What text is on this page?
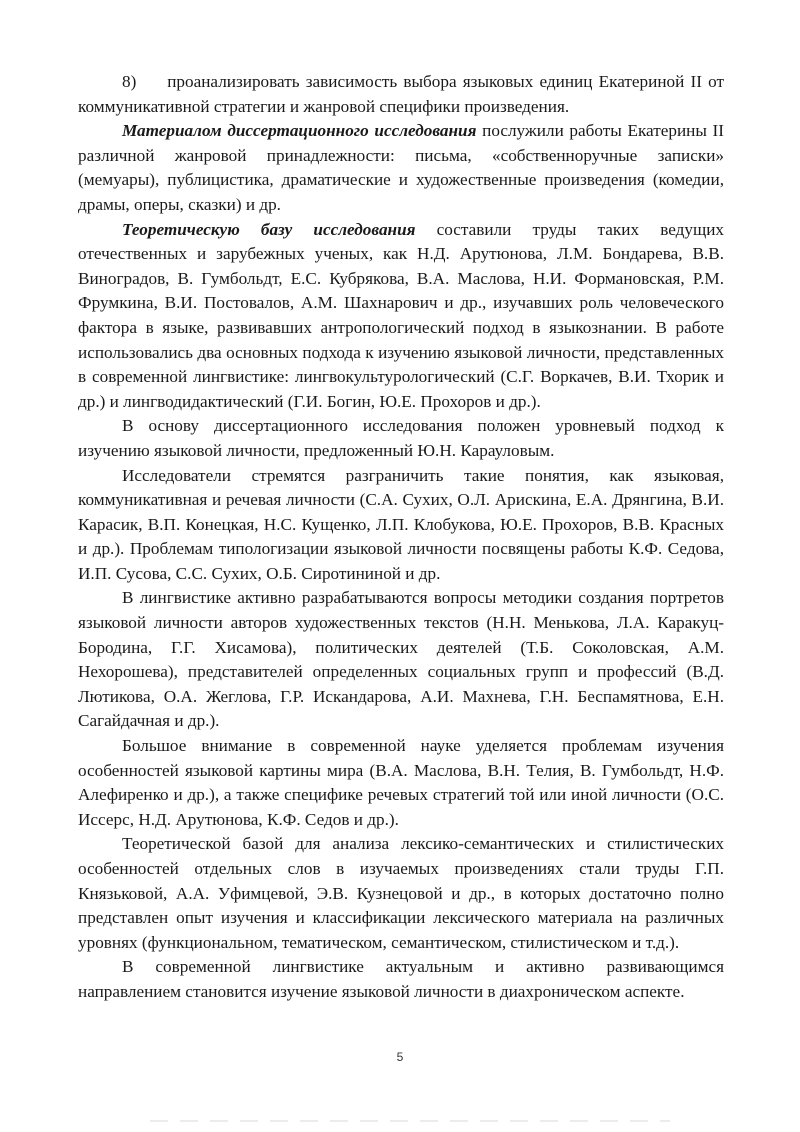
8)     проанализировать зависимость выбора языковых единиц Екатериной II от коммуникативной стратегии и жанровой специфики произведения.

Материалом диссертационного исследования послужили работы Екатерины II различной жанровой принадлежности: письма, «собственноручные записки» (мемуары), публицистика, драматические и художественные произведения (комедии, драмы, оперы, сказки) и др.

Теоретическую базу исследования составили труды таких ведущих отечественных и зарубежных ученых, как Н.Д. Арутюнова, Л.М. Бондарева, В.В. Виноградов, В. Гумбольдт, Е.С. Кубрякова, В.А. Маслова, Н.И. Формановская, Р.М. Фрумкина, В.И. Постовалов, А.М. Шахнарович и др., изучавших роль человеческого фактора в языке, развивавших антропологический подход в языкознании. В работе использовались два основных подхода к изучению языковой личности, представленных в современной лингвистике: лингвокультурологический (С.Г. Воркачев, В.И. Тхорик и др.) и лингводидактический (Г.И. Богин, Ю.Е. Прохоров и др.).

В основу диссертационного исследования положен уровневый подход к изучению языковой личности, предложенный Ю.Н. Карауловым.

Исследователи стремятся разграничить такие понятия, как языковая, коммуникативная и речевая личности (С.А. Сухих, О.Л. Арискина, Е.А. Дрянгина, В.И. Карасик, В.П. Конецкая, Н.С. Кущенко, Л.П. Клобукова, Ю.Е. Прохоров, В.В. Красных и др.). Проблемам типологизации языковой личности посвящены работы К.Ф. Седова, И.П. Сусова, С.С. Сухих, О.Б. Сиротининой и др.

В лингвистике активно разрабатываются вопросы методики создания портретов языковой личности авторов художественных текстов (Н.Н. Менькова, Л.А. Каракуц-Бородина, Г.Г. Хисамова), политических деятелей (Т.Б. Соколовская, А.М. Нехорошева), представителей определенных социальных групп и профессий (В.Д. Лютикова, О.А. Жеглова, Г.Р. Искандарова, А.И. Махнева, Г.Н. Беспамятнова, Е.Н. Сагайдачная и др.).

Большое внимание в современной науке уделяется проблемам изучения особенностей языковой картины мира (В.А. Маслова, В.Н. Телия, В. Гумбольдт, Н.Ф. Алефиренко и др.), а также специфике речевых стратегий той или иной личности (О.С. Иссерс, Н.Д. Арутюнова, К.Ф. Седов и др.).

Теоретической базой для анализа лексико-семантических и стилистических особенностей отдельных слов в изучаемых произведениях стали труды Г.П. Князьковой, А.А. Уфимцевой, Э.В. Кузнецовой и др., в которых достаточно полно представлен опыт изучения и классификации лексического материала на различных уровнях (функциональном, тематическом, семантическом, стилистическом и т.д.).

В современной лингвистике актуальным и активно развивающимся направлением становится изучение языковой личности в диахроническом аспекте.

5
